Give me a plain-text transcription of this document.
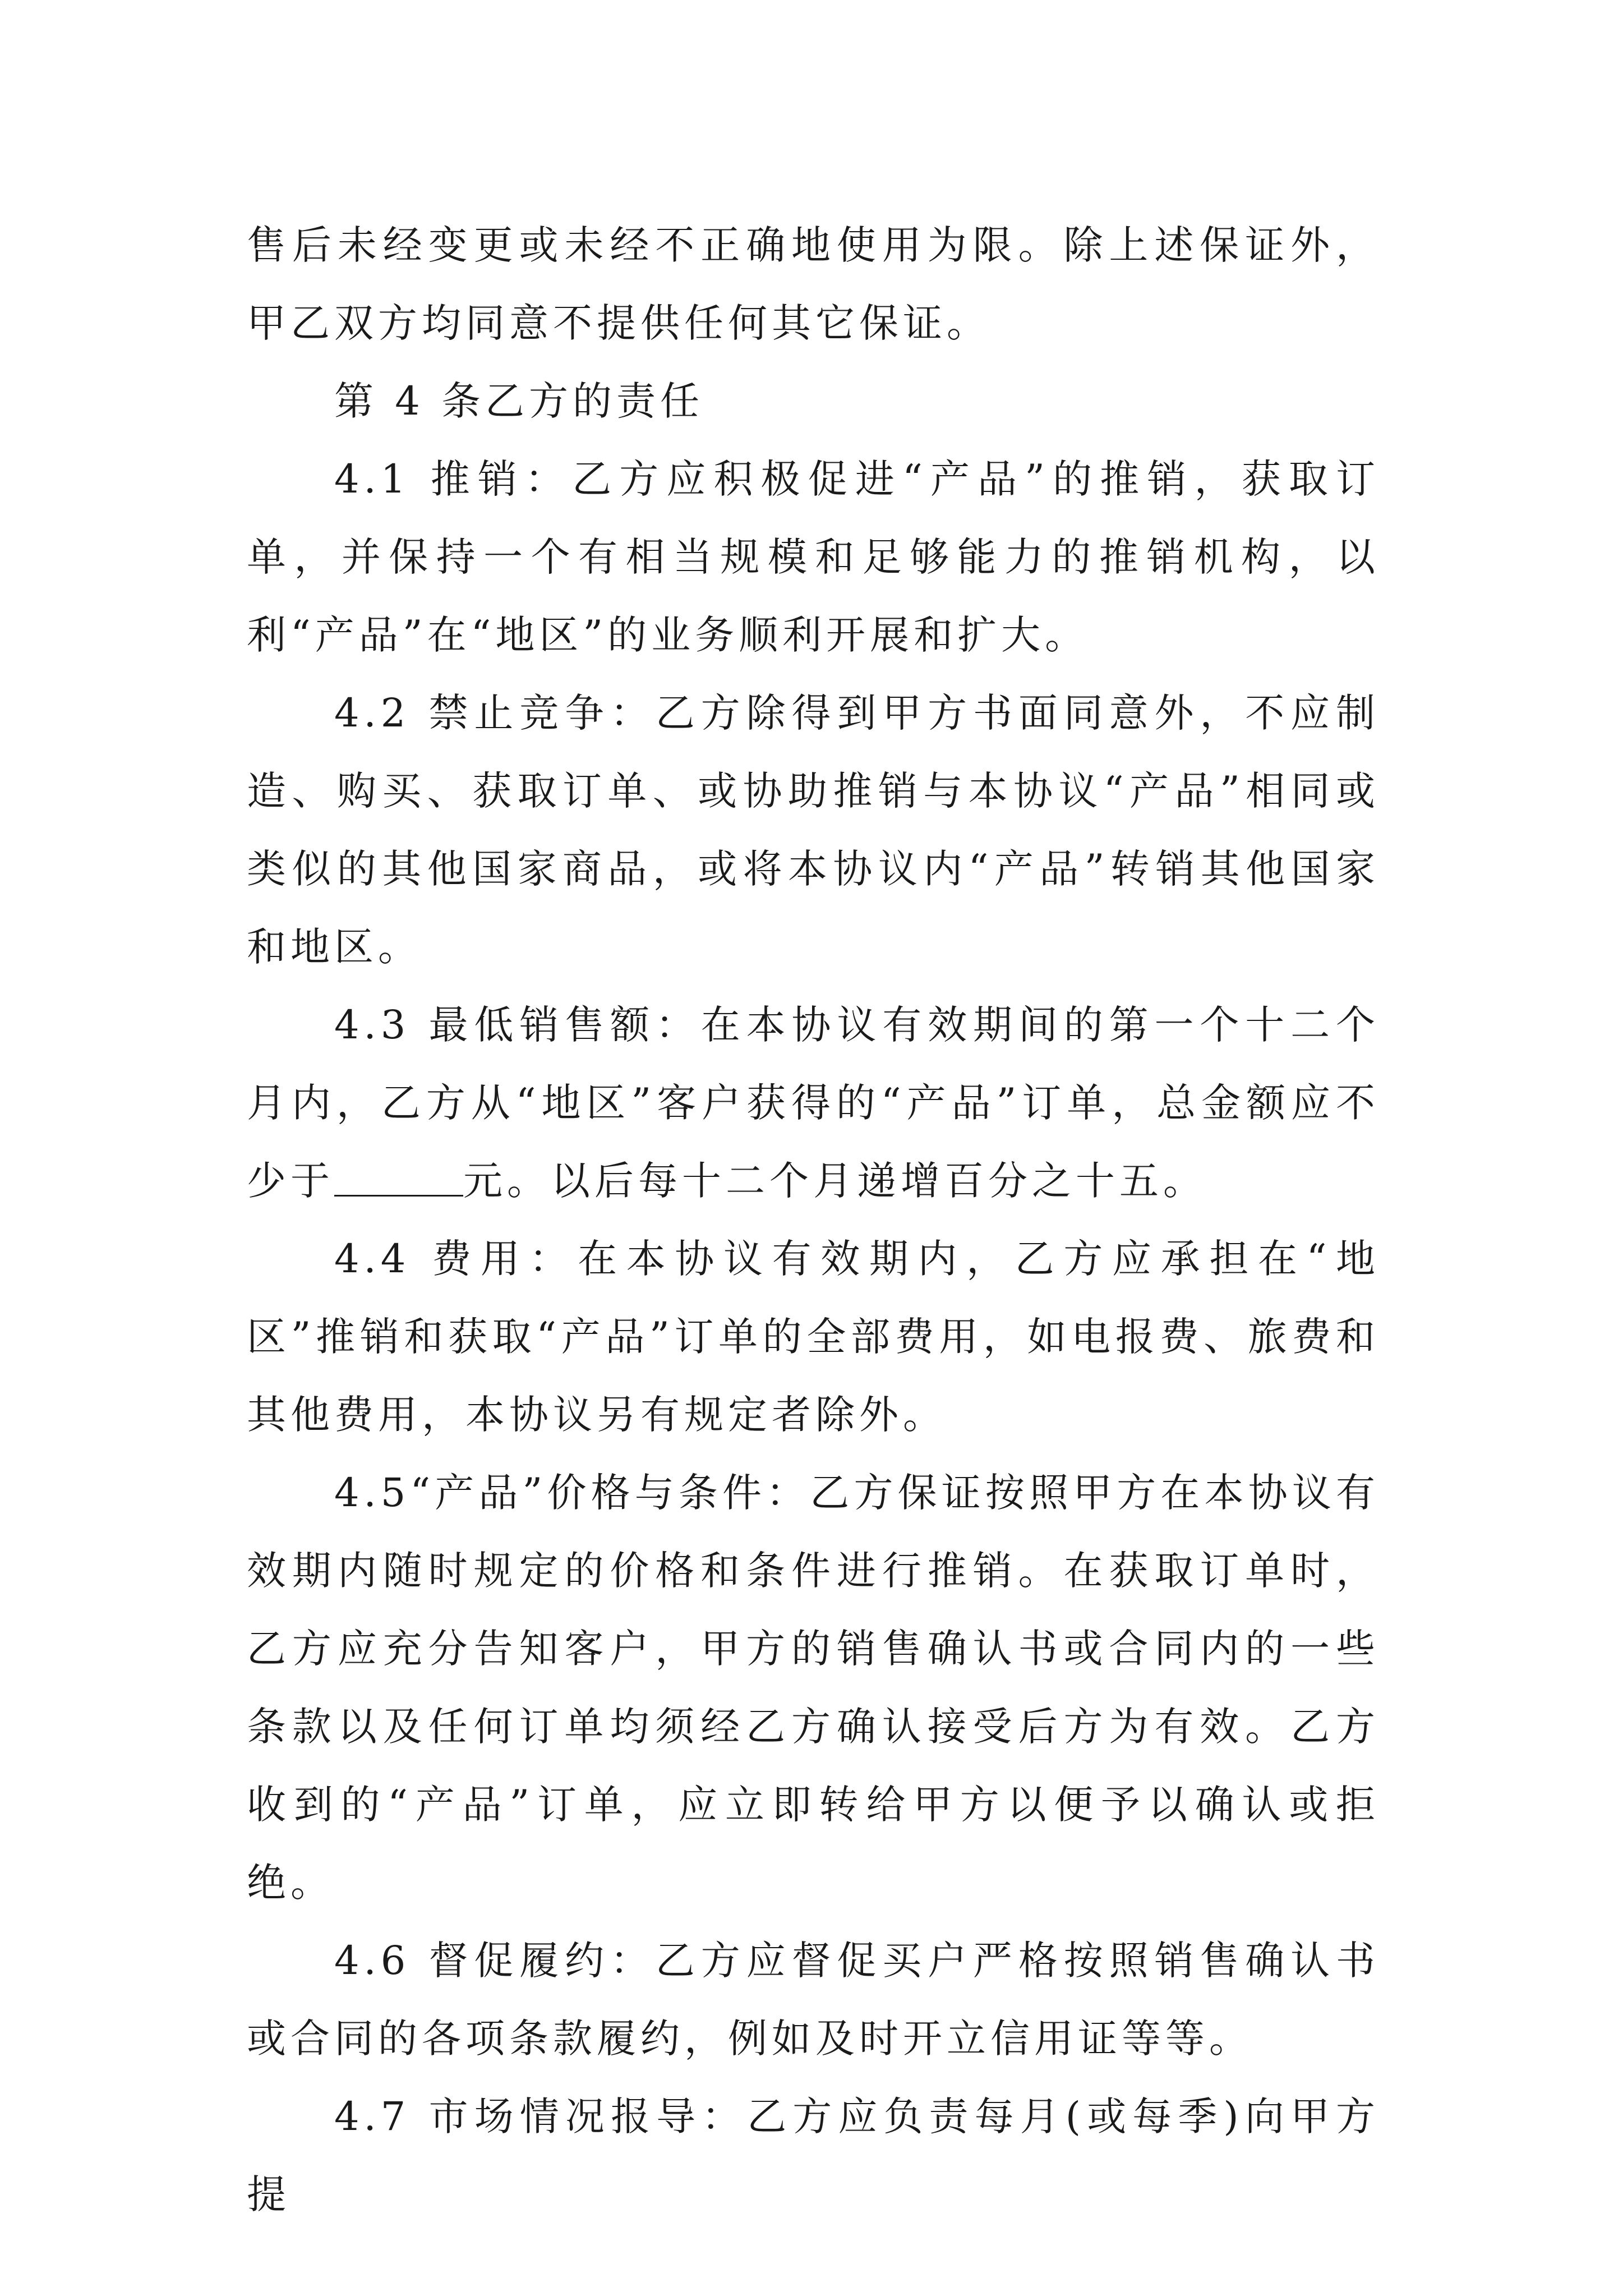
售后未经变更或未经不正确地使用为限。除上述保证外，甲乙双方均同意不提供任何其它保证。

第 4 条乙方的责任

4.1 推销：乙方应积极促进“产品”的推销，获取订单，并保持一个有相当规模和足够能力的推销机构，以利“产品”在“地区”的业务顺利开展和扩大。

4.2 禁止竞争：乙方除得到甲方书面同意外，不应制造、购买、获取订单、或协助推销与本协议“产品”相同或类似的其他国家商品，或将本协议内“产品”转销其他国家和地区。

4.3 最低销售额：在本协议有效期间的第一个十二个月内，乙方从“地区”客户获得的“产品”订单，总金额应不少于	元。以后每十二个月递增百分之十五。

4.4 费用：在本协议有效期内，乙方应承担在“地区”推销和获取“产品”订单的全部费用，如电报费、旅费和其他费用，本协议另有规定者除外。

4.5“产品”价格与条件：乙方保证按照甲方在本协议有效期内随时规定的价格和条件进行推销。在获取订单时，乙方应充分告知客户，甲方的销售确认书或合同内的一些条款以及任何订单均须经乙方确认接受后方为有效。乙方收到的“产品”订单，应立即转给甲方以便予以确认或拒绝。

4.6 督促履约：乙方应督促买户严格按照销售确认书或合同的各项条款履约，例如及时开立信用证等等。

4.7 市场情况报导：乙方应负责每月(或每季)向甲方提
